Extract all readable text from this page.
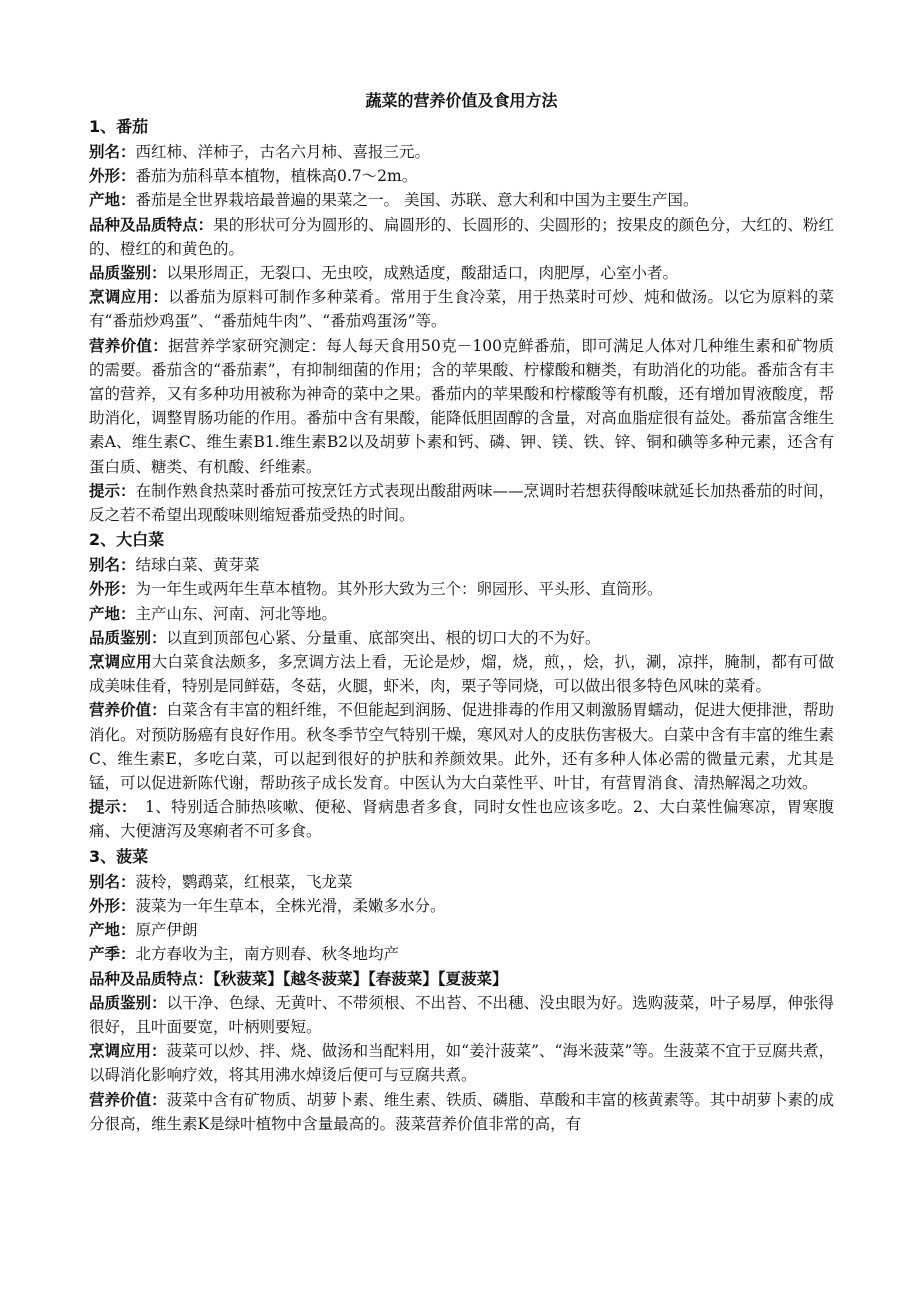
蔬菜的营养价值及食用方法

1、番茄

别名：西红柿、洋柿子，古名六月柿、喜报三元。

外形：番茄为茄科草本植物，植株高0.7～2m。

产地：番茄是全世界栽培最普遍的果菜之一。 美国、苏联、意大利和中国为主要生产国。

品种及品质特点：果的形状可分为圆形的、扁圆形的、长圆形的、尖圆形的；按果皮的颜色分，大红的、粉红的、橙红的和黄色的。

品质鉴别：以果形周正，无裂口、无虫咬，成熟适度，酸甜适口，肉肥厚，心室小者。

烹调应用：以番茄为原料可制作多种菜肴。常用于生食冷菜，用于热菜时可炒、炖和做汤。以它为原料的菜有“番茄炒鸡蛋”、“番茄炖牛肉”、“番茄鸡蛋汤”等。

营养价值：据营养学家研究测定：每人每天食用50克－100克鲜番茄，即可满足人体对几种维生素和矿物质的需要。番茄含的“番茄素”，有抑制细菌的作用；含的苹果酸、柠檬酸和糖类，有助消化的功能。番茄含有丰富的营养，又有多种功用被称为神奇的菜中之果。番茄内的苹果酸和柠檬酸等有机酸，还有增加胃液酸度，帮助消化，调整胃肠功能的作用。番茄中含有果酸，能降低胆固醇的含量，对高血脂症很有益处。番茄富含维生素A、维生素C、维生素B1.维生素B2以及胡萝卜素和钙、磷、钾、镁、铁、锌、铜和碘等多种元素，还含有蛋白质、糖类、有机酸、纤维素。

提示：在制作熟食热菜时番茄可按烹饪方式表现出酸甜两味——烹调时若想获得酸味就延长加热番茄的时间，反之若不希望出现酸味则缩短番茄受热的时间。

2、大白菜

别名：结球白菜、黄芽菜

外形：为一年生或两年生草本植物。其外形大致为三个：卵园形、平头形、直筒形。

产地：主产山东、河南、河北等地。

品质鉴别：以直到顶部包心紧、分量重、底部突出、根的切口大的不为好。

烹调应用大白菜食法颇多，多烹调方法上看，无论是炒，熘，烧，煎，，烩，扒，涮，凉拌，腌制，都有可做成美味佳肴，特别是同鲜菇，冬菇，火腿，虾米，肉，栗子等同烧，可以做出很多特色风味的菜肴。

营养价值：白菜含有丰富的粗纤维，不但能起到润肠、促进排毒的作用又刺激肠胃蠕动，促进大便排泄，帮助消化。对预防肠癌有良好作用。秋冬季节空气特别干燥，寒风对人的皮肤伤害极大。白菜中含有丰富的维生素C、维生素E，多吃白菜，可以起到很好的护肤和养颜效果。此外，还有多种人体必需的微量元素，尤其是锰，可以促进新陈代谢，帮助孩子成长发育。中医认为大白菜性平、叶甘，有营胃消食、清热解渴之功效。

提示：　1、特别适合肺热咳嗽、便秘、肾病患者多食，同时女性也应该多吃。2、大白菜性偏寒凉，胃寒腹痛、大便溏泻及寒痢者不可多食。

3、菠菜

别名：菠柃，鹦鹉菜，红根菜，飞龙菜

外形：菠菜为一年生草本，全株光滑，柔嫩多水分。

产地：原产伊朗

产季：北方春收为主，南方则春、秋冬地均产

品种及品质特点：【秋菠菜】【越冬菠菜】【春菠菜】【夏菠菜】

品质鉴别：以干净、色绿、无黄叶、不带须根、不出苔、不出穗、没虫眼为好。选购菠菜，叶子易厚，伸张得很好，且叶面要宽，叶柄则要短。

烹调应用：菠菜可以炒、拌、烧、做汤和当配料用，如“姜汁菠菜”、“海米菠菜”等。生菠菜不宜于豆腐共煮，以碍消化影响疗效，将其用沸水焯烫后便可与豆腐共煮。

营养价值：菠菜中含有矿物质、胡萝卜素、维生素、铁质、磷脂、草酸和丰富的核黄素等。其中胡萝卜素的成分很高，维生素K是绿叶植物中含量最高的。菠菜营养价值非常的高，有
